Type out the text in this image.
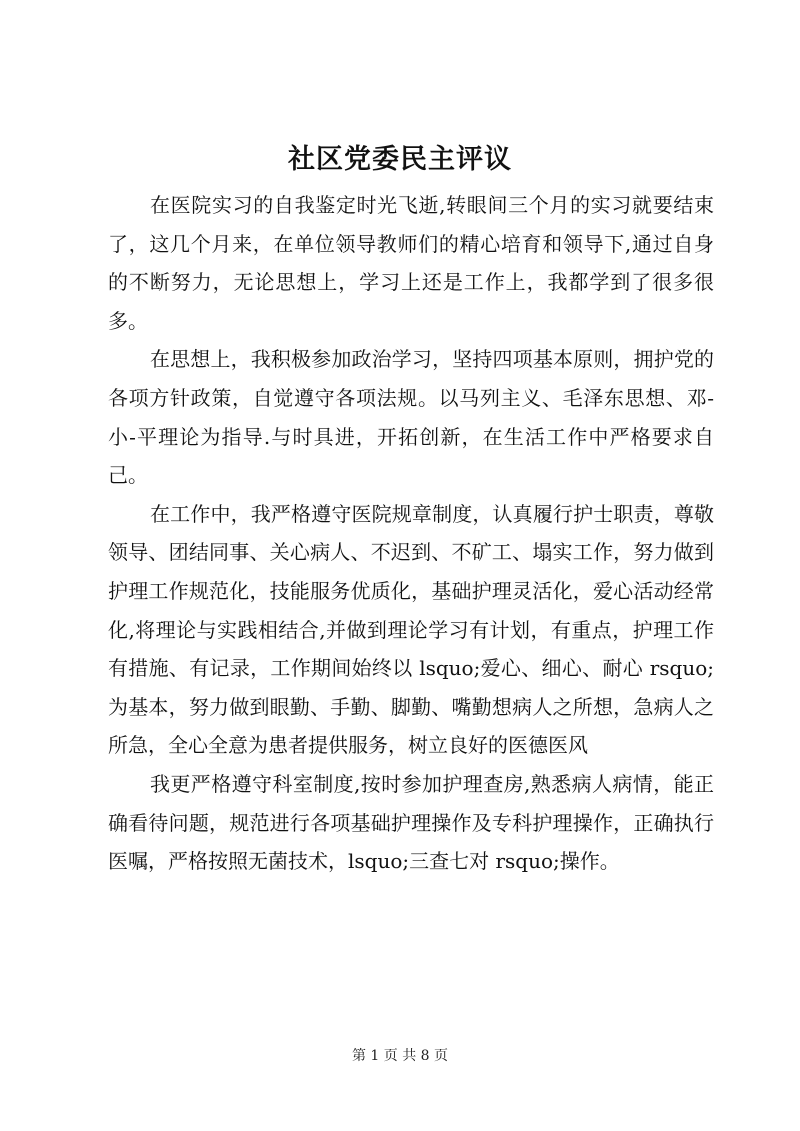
社区党委民主评议

在医院实习的自我鉴定时光飞逝,转眼间三个月的实习就要结束了，这几个月来，在单位领导教师们的精心培育和领导下,通过自身的不断努力，无论思想上，学习上还是工作上，我都学到了很多很多。

在思想上，我积极参加政治学习，坚持四项基本原则，拥护党的各项方针政策，自觉遵守各项法规。以马列主义、毛泽东思想、邓-小-平理论为指导.与时具进，开拓创新，在生活工作中严格要求自己。

在工作中，我严格遵守医院规章制度，认真履行护士职责，尊敬领导、团结同事、关心病人、不迟到、不矿工、塌实工作，努力做到护理工作规范化，技能服务优质化，基础护理灵活化，爱心活动经常化,将理论与实践相结合,并做到理论学习有计划，有重点，护理工作有措施、有记录，工作期间始终以 lsquo;爱心、细心、耐心 rsquo;为基本，努力做到眼勤、手勤、脚勤、嘴勤想病人之所想，急病人之所急，全心全意为患者提供服务，树立良好的医德医风

我更严格遵守科室制度,按时参加护理查房,熟悉病人病情，能正确看待问题，规范进行各项基础护理操作及专科护理操作，正确执行医嘱，严格按照无菌技术，lsquo;三查七对 rsquo;操作。

第 1 页 共 8 页
